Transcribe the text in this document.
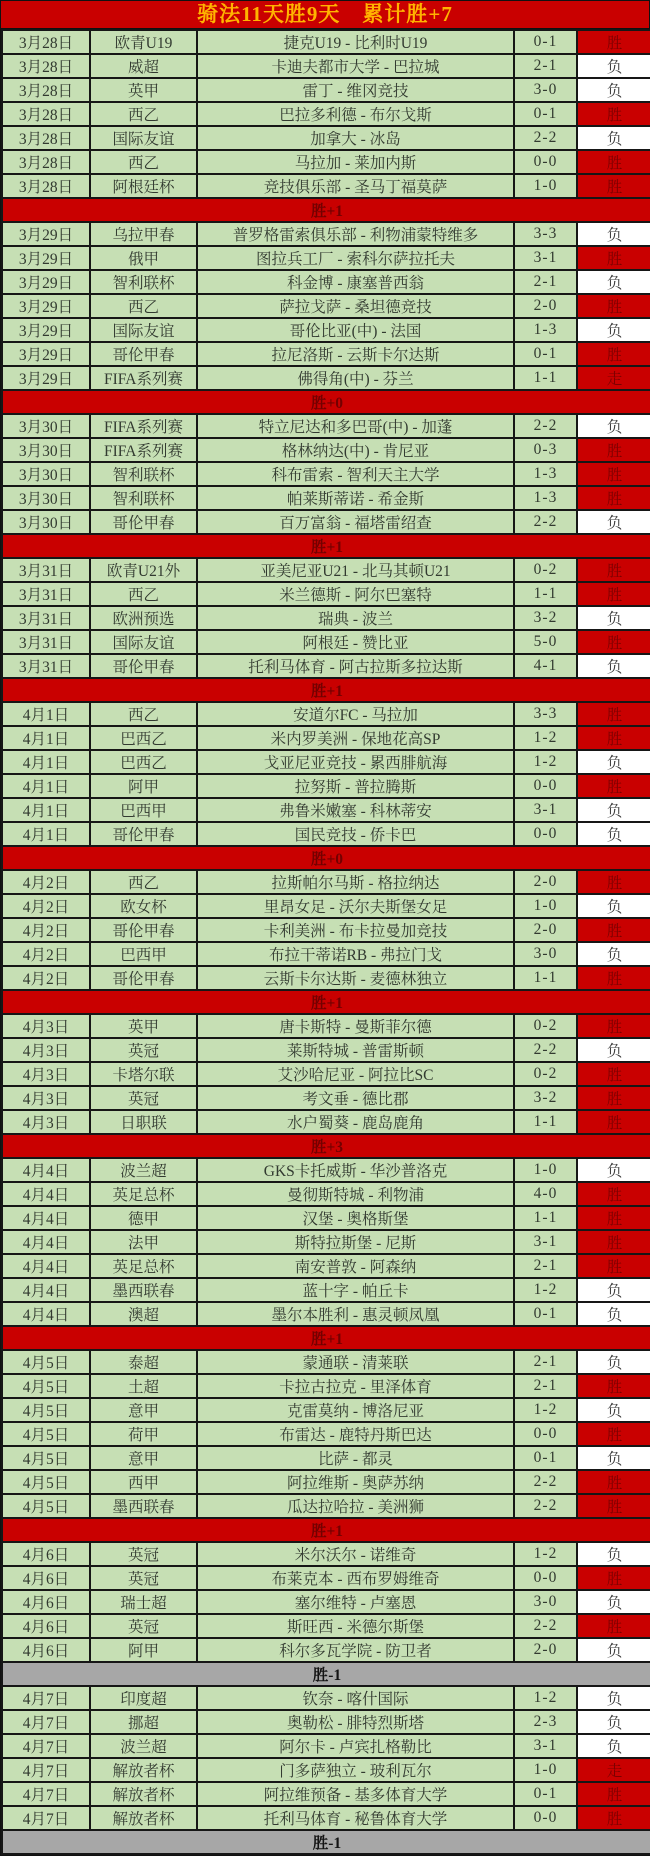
骑法11天胜9天　累计胜+7
3月28日	欧青U19	捷克U19 - 比利时U19	0-1	胜
3月28日	威超	卡迪夫都市大学 - 巴拉城	2-1	负
3月28日	英甲	雷丁 - 维冈竞技	3-0	负
3月28日	西乙	巴拉多利德 - 布尔戈斯	0-1	胜
3月28日	国际友谊	加拿大 - 冰岛	2-2	负
3月28日	西乙	马拉加 - 莱加内斯	0-0	胜
3月28日	阿根廷杯	竞技俱乐部 - 圣马丁福莫萨	1-0	胜
胜+1				
3月29日	乌拉甲春	普罗格雷索俱乐部 - 利物浦蒙特维多	3-3	负
3月29日	俄甲	图拉兵工厂 - 索科尔萨拉托夫	3-1	胜
3月29日	智利联杯	科金博 - 康塞普西翁	2-1	负
3月29日	西乙	萨拉戈萨 - 桑坦德竞技	2-0	胜
3月29日	国际友谊	哥伦比亚(中) - 法国	1-3	负
3月29日	哥伦甲春	拉尼洛斯 - 云斯卡尔达斯	0-1	胜
3月29日	FIFA系列赛	佛得角(中) - 芬兰	1-1	走
胜+0				
3月30日	FIFA系列赛	特立尼达和多巴哥(中) - 加蓬	2-2	负
3月30日	FIFA系列赛	格林纳达(中) - 肯尼亚	0-3	胜
3月30日	智利联杯	科布雷索 - 智利天主大学	1-3	胜
3月30日	智利联杯	帕莱斯蒂诺 - 希金斯	1-3	胜
3月30日	哥伦甲春	百万富翁 - 福塔雷绍查	2-2	负
胜+1				
3月31日	欧青U21外	亚美尼亚U21 - 北马其顿U21	0-2	胜
3月31日	西乙	米兰德斯 - 阿尔巴塞特	1-1	胜
3月31日	欧洲预选	瑞典 - 波兰	3-2	负
3月31日	国际友谊	阿根廷 - 赞比亚	5-0	胜
3月31日	哥伦甲春	托利马体育 - 阿古拉斯多拉达斯	4-1	负
胜+1				
4月1日	西乙	安道尔FC - 马拉加	3-3	胜
4月1日	巴西乙	米内罗美洲 - 保地花高SP	1-2	胜
4月1日	巴西乙	戈亚尼亚竞技 - 累西腓航海	1-2	负
4月1日	阿甲	拉努斯 - 普拉腾斯	0-0	胜
4月1日	巴西甲	弗鲁米嫩塞 - 科林蒂安	3-1	负
4月1日	哥伦甲春	国民竞技 - 侨卡巴	0-0	负
胜+0				
4月2日	西乙	拉斯帕尔马斯 - 格拉纳达	2-0	胜
4月2日	欧女杯	里昂女足 - 沃尔夫斯堡女足	1-0	负
4月2日	哥伦甲春	卡利美洲 - 布卡拉曼加竞技	2-0	胜
4月2日	巴西甲	布拉干蒂诺RB - 弗拉门戈	3-0	负
4月2日	哥伦甲春	云斯卡尔达斯 - 麦德林独立	1-1	胜
胜+1				
4月3日	英甲	唐卡斯特 - 曼斯菲尔德	0-2	胜
4月3日	英冠	莱斯特城 - 普雷斯顿	2-2	负
4月3日	卡塔尔联	艾沙哈尼亚 - 阿拉比SC	0-2	胜
4月3日	英冠	考文垂 - 德比郡	3-2	胜
4月3日	日职联	水户蜀葵 - 鹿岛鹿角	1-1	胜
胜+3				
4月4日	波兰超	GKS卡托威斯 - 华沙普洛克	1-0	负
4月4日	英足总杯	曼彻斯特城 - 利物浦	4-0	胜
4月4日	德甲	汉堡 - 奥格斯堡	1-1	胜
4月4日	法甲	斯特拉斯堡 - 尼斯	3-1	胜
4月4日	英足总杯	南安普敦 - 阿森纳	2-1	胜
4月4日	墨西联春	蓝十字 - 帕丘卡	1-2	负
4月4日	澳超	墨尔本胜利 - 惠灵顿凤凰	0-1	负
胜+1				
4月5日	泰超	蒙通联 - 清莱联	2-1	负
4月5日	土超	卡拉古拉克 - 里泽体育	2-1	胜
4月5日	意甲	克雷莫纳 - 博洛尼亚	1-2	负
4月5日	荷甲	布雷达 - 鹿特丹斯巴达	0-0	胜
4月5日	意甲	比萨 - 都灵	0-1	负
4月5日	西甲	阿拉维斯 - 奥萨苏纳	2-2	胜
4月5日	墨西联春	瓜达拉哈拉 - 美洲狮	2-2	胜
胜+1				
4月6日	英冠	米尔沃尔 - 诺维奇	1-2	负
4月6日	英冠	布莱克本 - 西布罗姆维奇	0-0	胜
4月6日	瑞士超	塞尔维特 - 卢塞恩	3-0	负
4月6日	英冠	斯旺西 - 米德尔斯堡	2-2	胜
4月6日	阿甲	科尔多瓦学院 - 防卫者	2-0	负
胜-1				
4月7日	印度超	钦奈 - 喀什国际	1-2	负
4月7日	挪超	奥勒松 - 腓特烈斯塔	2-3	负
4月7日	波兰超	阿尔卡 - 卢宾扎格勒比	3-1	负
4月7日	解放者杯	门多萨独立 - 玻利瓦尔	1-0	走
4月7日	解放者杯	阿拉维预备 - 基多体育大学	0-1	胜
4月7日	解放者杯	托利马体育 - 秘鲁体育大学	0-0	胜
胜-1				
